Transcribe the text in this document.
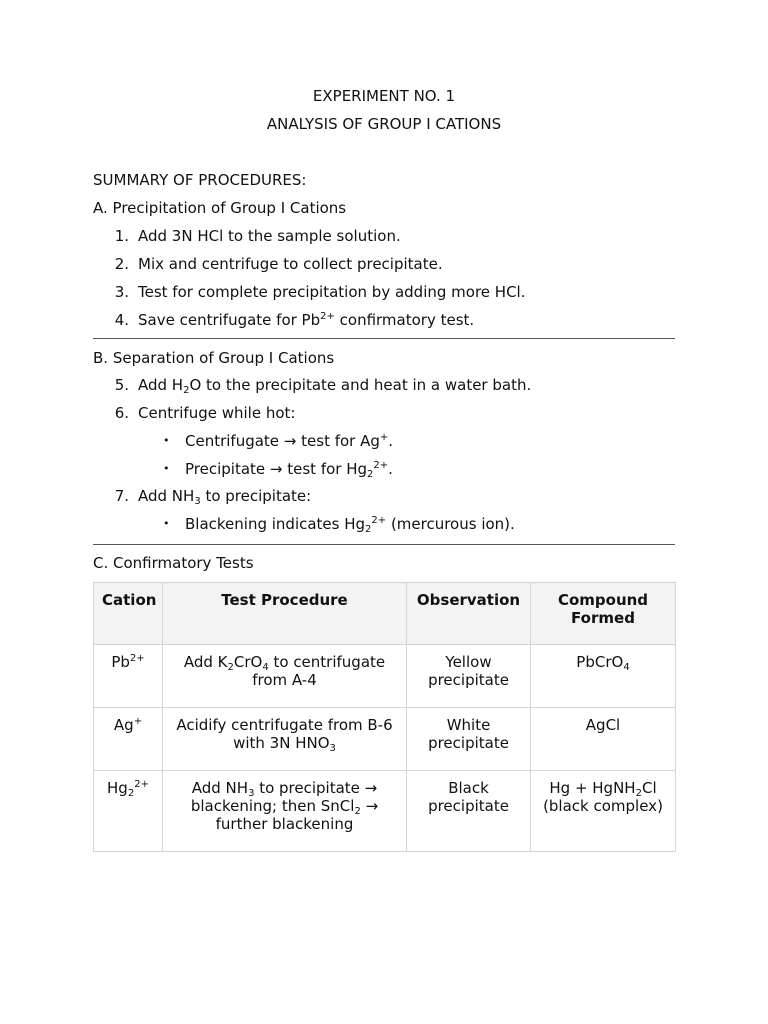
EXPERIMENT NO. 1
ANALYSIS OF GROUP I CATIONS
SUMMARY OF PROCEDURES:
A. Precipitation of Group I Cations
1. Add 3N HCl to the sample solution.
2. Mix and centrifuge to collect precipitate.
3. Test for complete precipitation by adding more HCl.
4. Save centrifugate for $Pb^{2+}$ confirmatory test.
B. Separation of Group I Cations
5. Add $H_2O$ to the precipitate and heat in a water bath.
6. Centrifuge while hot:
• Centrifugate → test for Ag+.
• Precipitate → test for $Hg_2^{2+}$.
7. Add $NH_3$ to precipitate:
• Blackening indicates $Hg_2^{2+}$ (mercurous ion).
C. Confirmatory Tests
Cation	Test Procedure	Observation	Compound Formed
$Pb^{2+}$	Add $K_2CrO_4$ to centrifugate from A-4	Yellow precipitate	PbCrO$_4$
Ag+	Acidify centrifugate from B-6 with 3N $HNO_3$	White precipitate	AgCl
$Hg_2^{2+}$	Add $NH_3$ to precipitate → blackening; then SnCl$_2$ → further blackening	Black precipitate	Hg + HgNH$_2$Cl (black complex)
